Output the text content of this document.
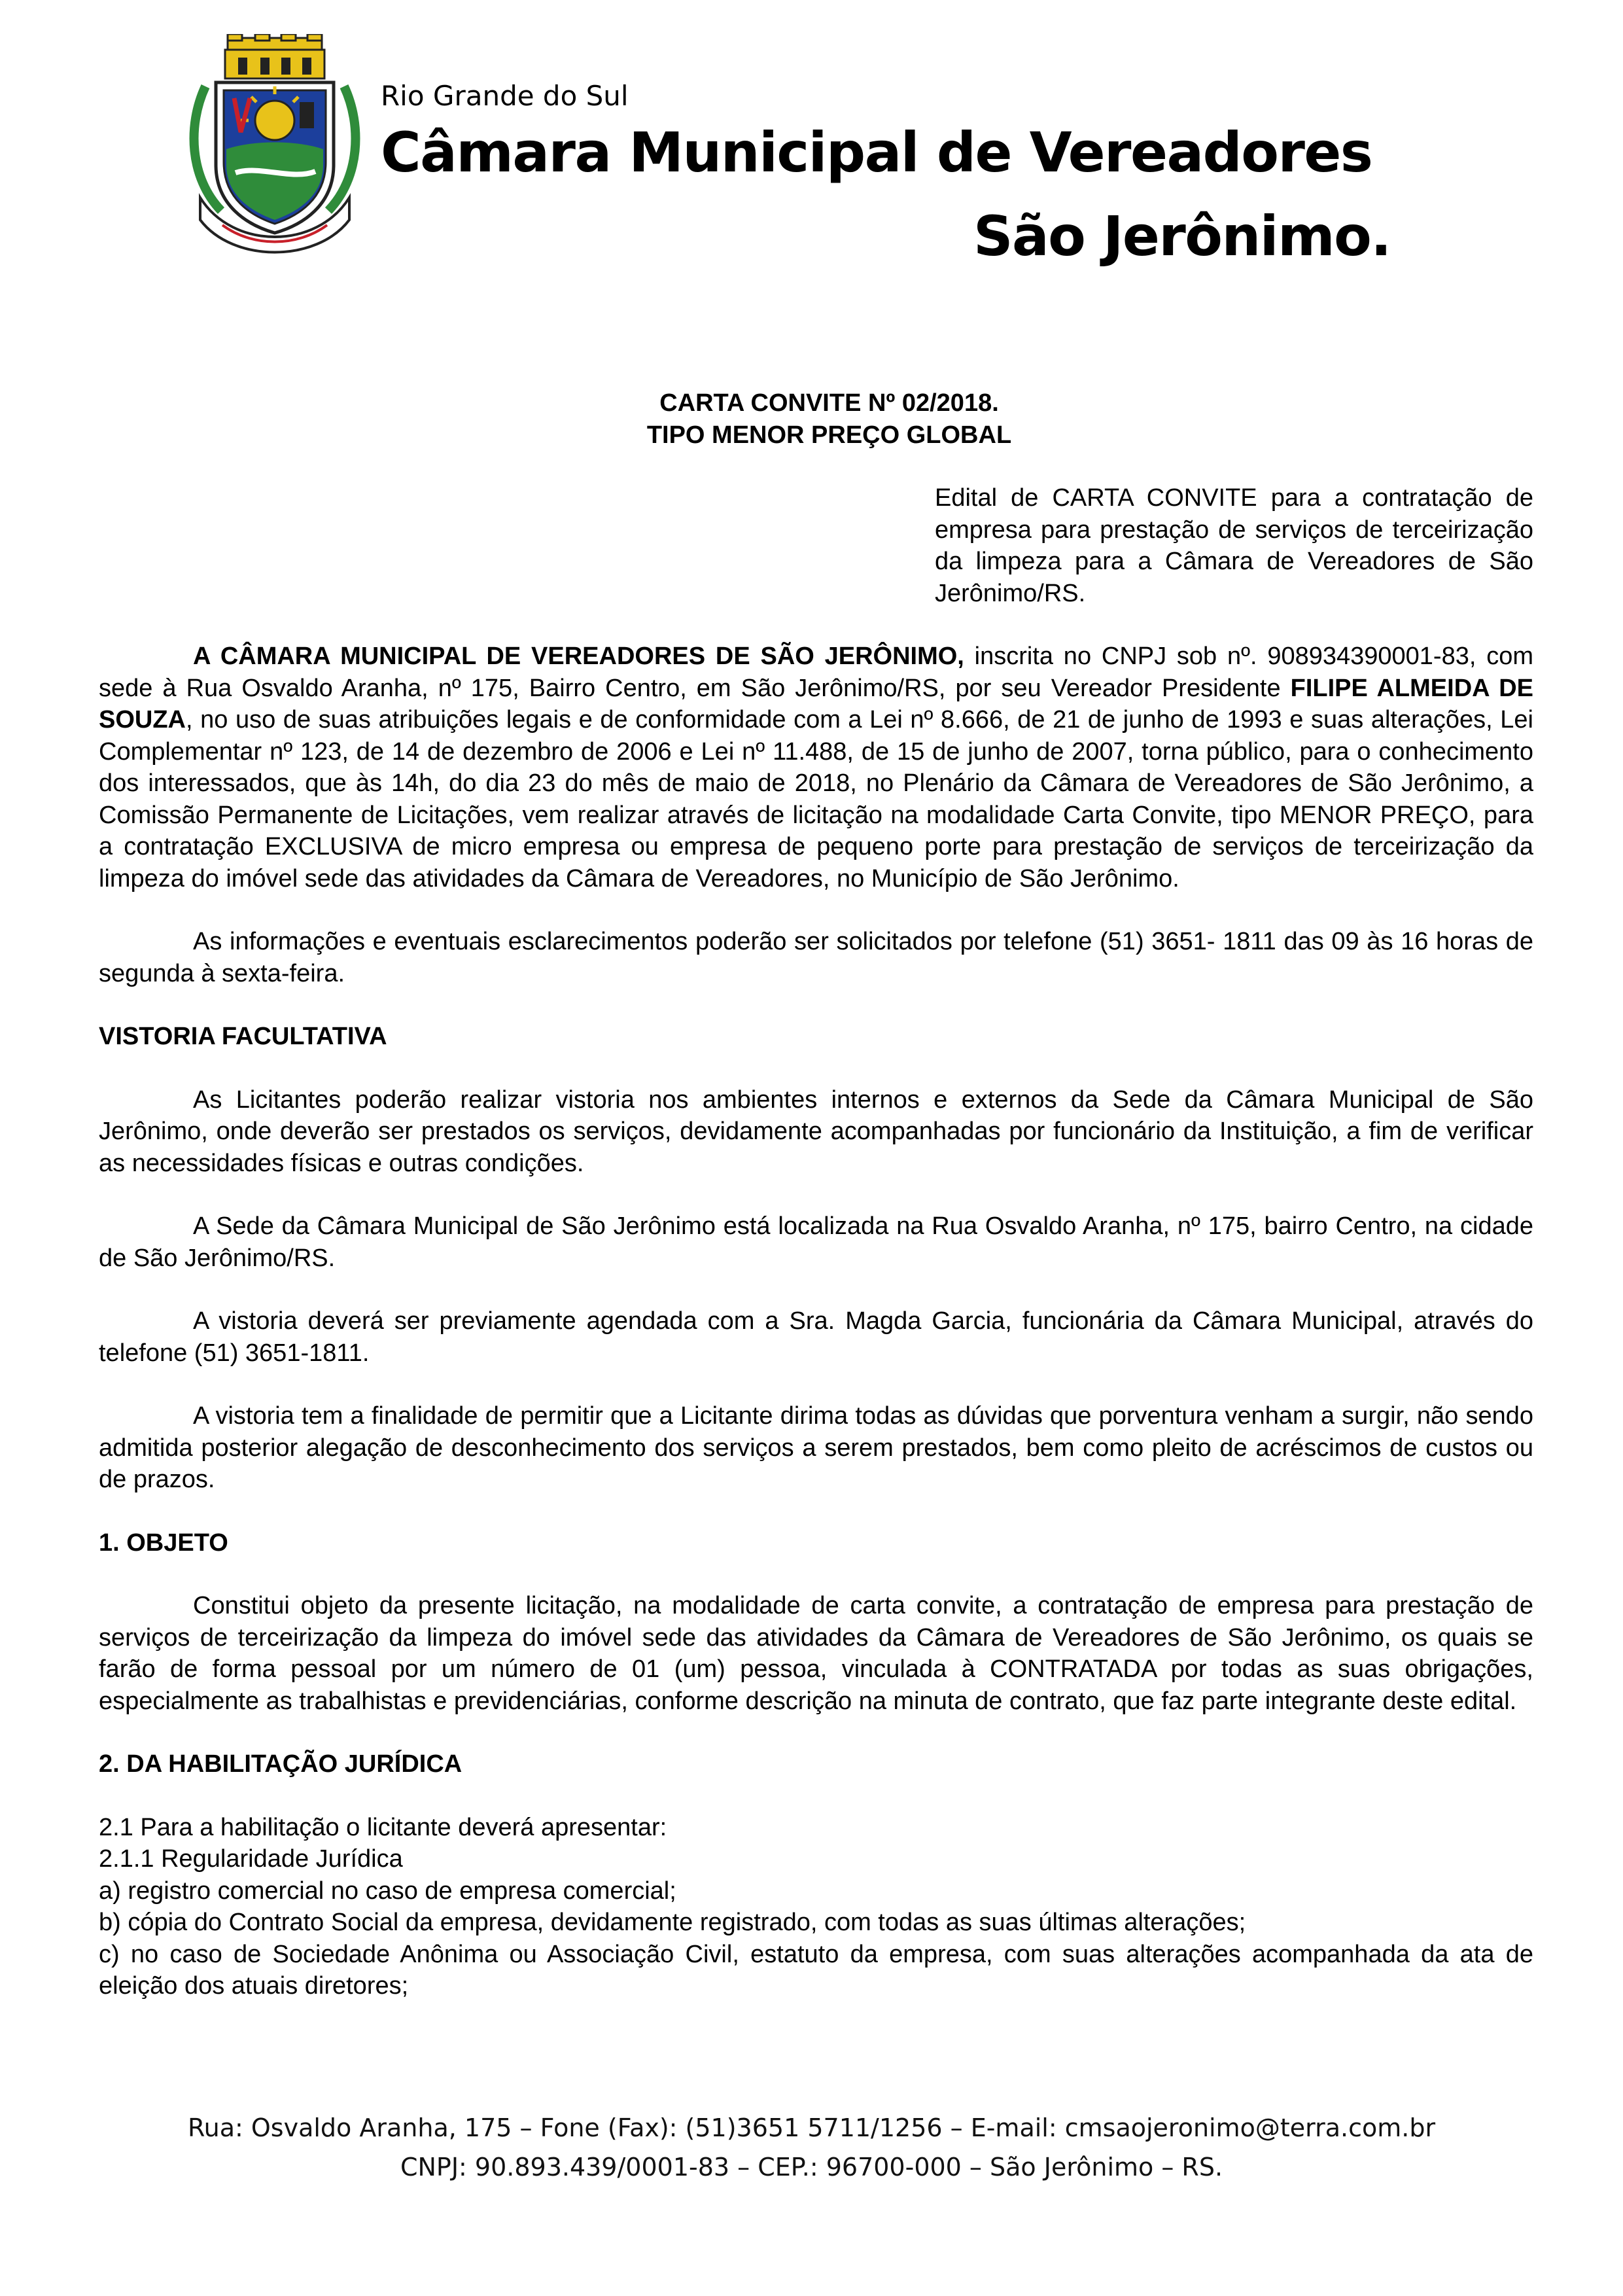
Rio Grande do Sul
Câmara Municipal de Vereadores
São Jerônimo.

CARTA CONVITE Nº 02/2018.

TIPO MENOR PREÇO GLOBAL

Edital de CARTA CONVITE para a contratação de empresa para prestação de serviços de terceirização da limpeza para a Câmara de Vereadores de São Jerônimo/RS.

A CÂMARA MUNICIPAL DE VEREADORES DE SÃO JERÔNIMO, inscrita no CNPJ sob nº. 908934390001-83, com sede à Rua Osvaldo Aranha, nº 175, Bairro Centro, em São Jerônimo/RS, por seu Vereador Presidente FILIPE ALMEIDA DE SOUZA, no uso de suas atribuições legais e de conformidade com a Lei nº 8.666, de 21 de junho de 1993 e suas alterações, Lei Complementar nº 123, de 14 de dezembro de 2006 e Lei nº 11.488, de 15 de junho de 2007, torna público, para o conhecimento dos interessados, que às 14h, do dia 23 do mês de maio de 2018, no Plenário da Câmara de Vereadores de São Jerônimo, a Comissão Permanente de Licitações, vem realizar através de licitação na modalidade Carta Convite, tipo MENOR PREÇO, para a contratação EXCLUSIVA de micro empresa ou empresa de pequeno porte para prestação de serviços de terceirização da limpeza do imóvel sede das atividades da Câmara de Vereadores, no Município de São Jerônimo.

As informações e eventuais esclarecimentos poderão ser solicitados por telefone (51) 3651- 1811 das 09 às 16 horas de segunda à sexta-feira.

VISTORIA FACULTATIVA

As Licitantes poderão realizar vistoria nos ambientes internos e externos da Sede da Câmara Municipal de São Jerônimo, onde deverão ser prestados os serviços, devidamente acompanhadas por funcionário da Instituição, a fim de verificar as necessidades físicas e outras condições.

A Sede da Câmara Municipal de São Jerônimo está localizada na Rua Osvaldo Aranha, nº 175, bairro Centro, na cidade de São Jerônimo/RS.

A vistoria deverá ser previamente agendada com a Sra. Magda Garcia, funcionária da Câmara Municipal, através do telefone (51) 3651-1811.

A vistoria tem a finalidade de permitir que a Licitante dirima todas as dúvidas que porventura venham a surgir, não sendo admitida posterior alegação de desconhecimento dos serviços a serem prestados, bem como pleito de acréscimos de custos ou de prazos.

1. OBJETO

Constitui objeto da presente licitação, na modalidade de carta convite, a contratação de empresa para prestação de serviços de terceirização da limpeza do imóvel sede das atividades da Câmara de Vereadores de São Jerônimo, os quais se farão de forma pessoal por um número de 01 (um) pessoa, vinculada à CONTRATADA por todas as suas obrigações, especialmente as trabalhistas e previdenciárias, conforme descrição na minuta de contrato, que faz parte integrante deste edital.

2. DA HABILITAÇÃO JURÍDICA

2.1 Para a habilitação o licitante deverá apresentar:

2.1.1 Regularidade Jurídica

a) registro comercial no caso de empresa comercial;

b) cópia do Contrato Social da empresa, devidamente registrado, com todas as suas últimas alterações;

c) no caso de Sociedade Anônima ou Associação Civil, estatuto da empresa, com suas alterações acompanhada da ata de eleição dos atuais diretores;

Rua: Osvaldo Aranha, 175 – Fone (Fax): (51)3651 5711/1256 – E-mail: cmsaojeronimo@terra.com.br
CNPJ: 90.893.439/0001-83 – CEP.: 96700-000 – São Jerônimo – RS.
